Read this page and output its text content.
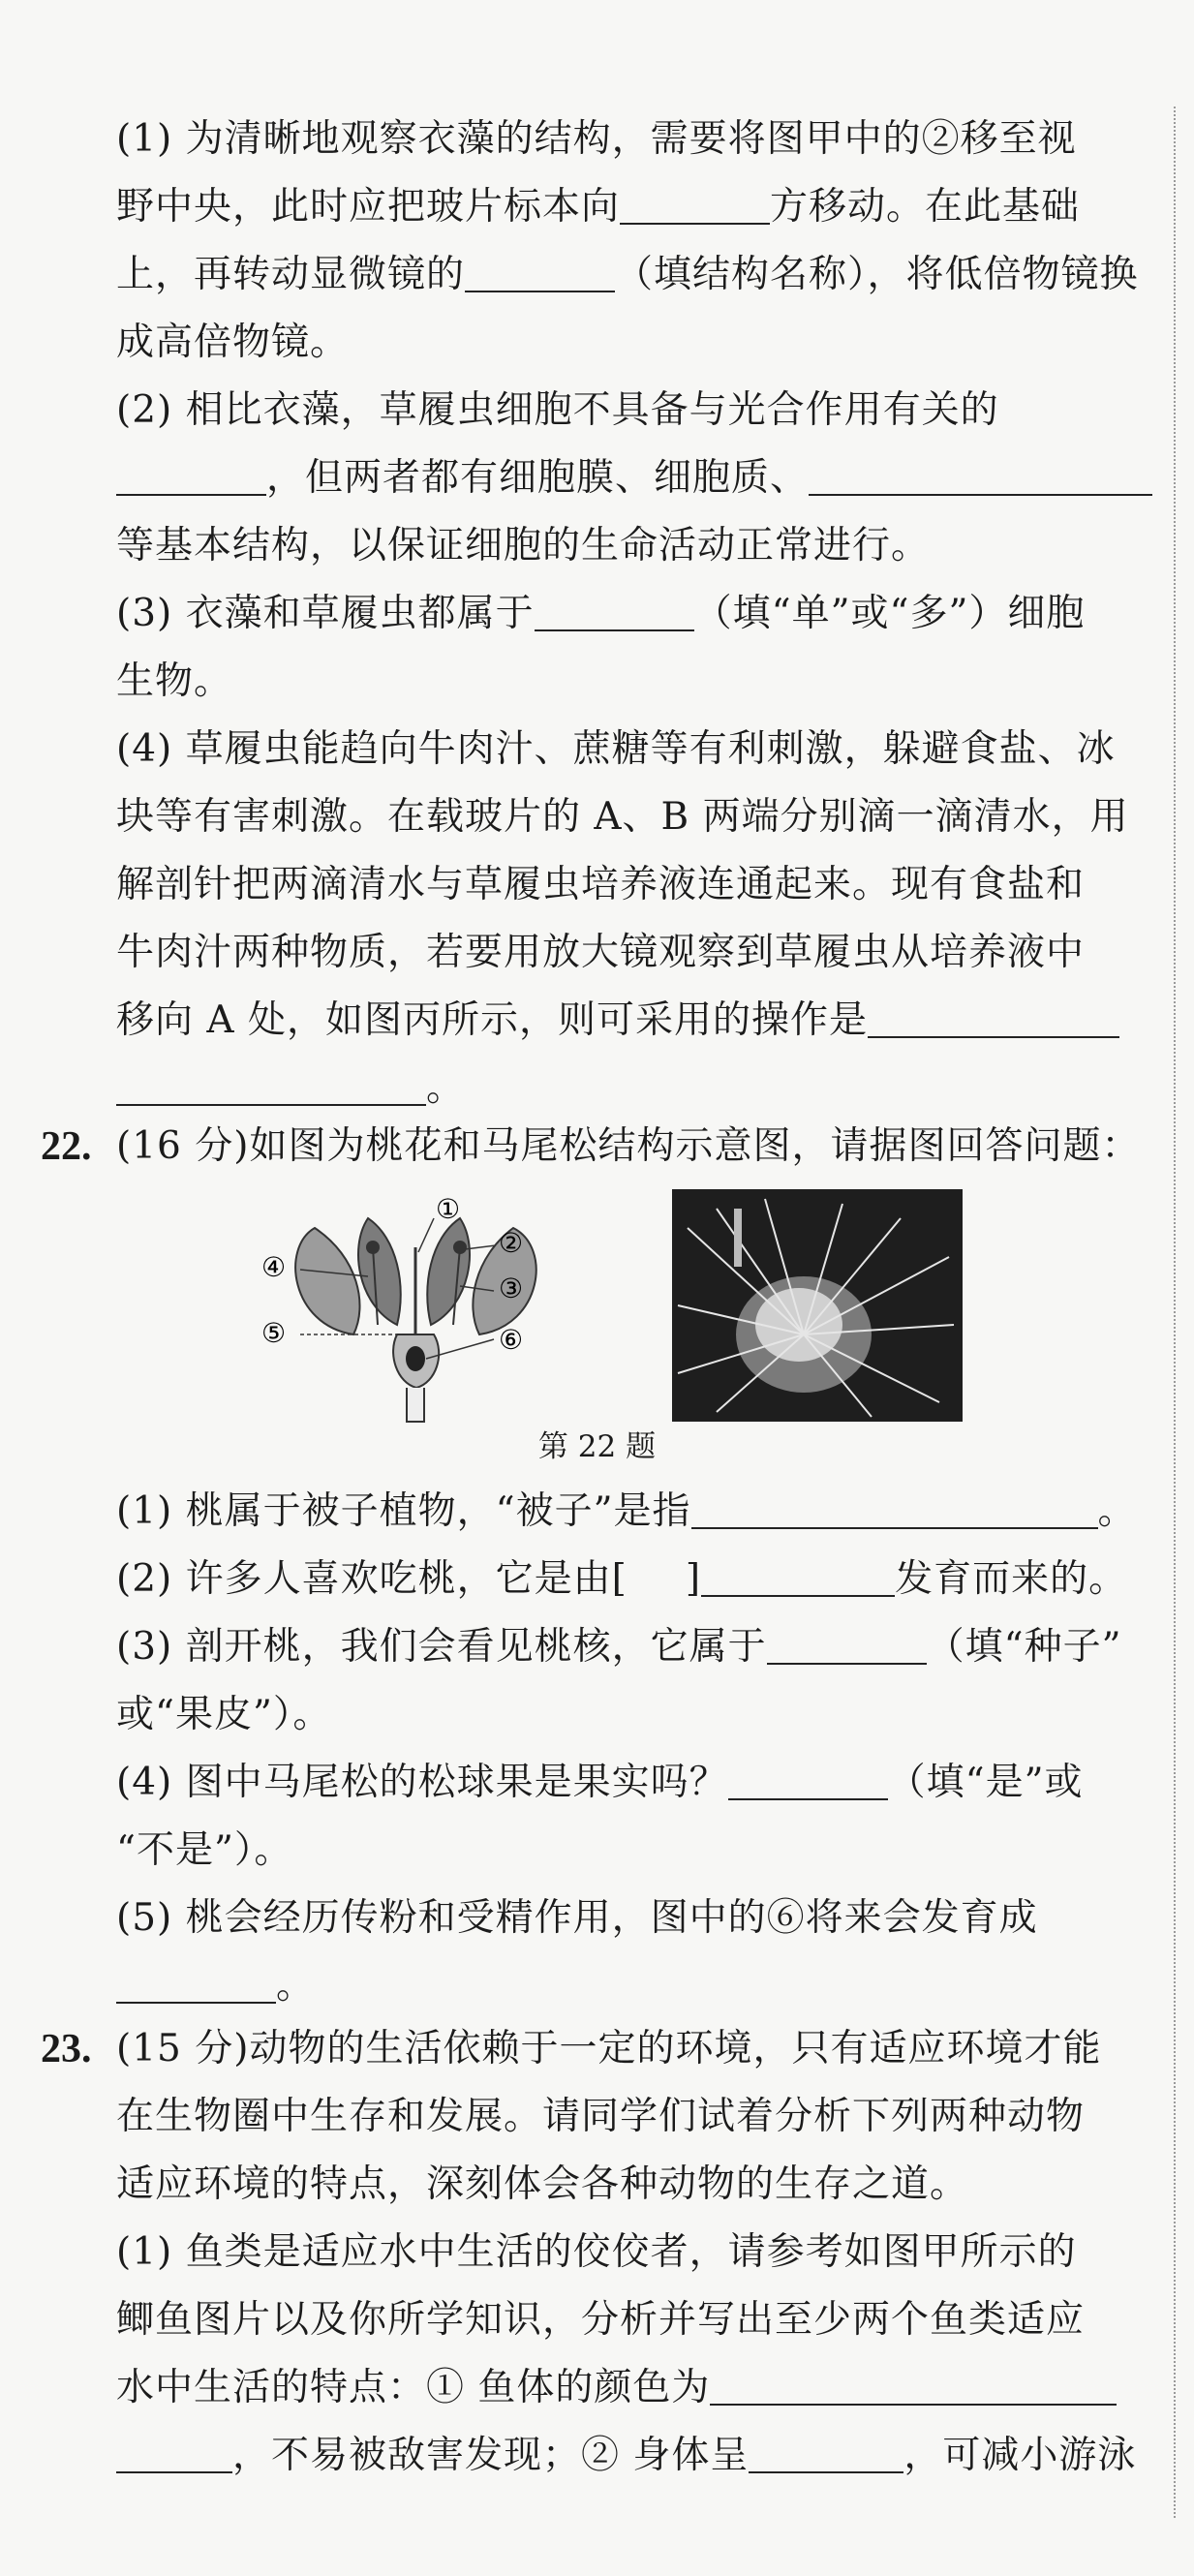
(1) 为清晰地观察衣藻的结构，需要将图甲中的②移至视
野中央，此时应把玻片标本向	方移动。在此基础
上，再转动显微镜的	（填结构名称），将低倍物镜换
成高倍物镜。
(2) 相比衣藻，草履虫细胞不具备与光合作用有关的
，但两者都有细胞膜、细胞质、
等基本结构，以保证细胞的生命活动正常进行。
(3) 衣藻和草履虫都属于	（填“单”或“多”）细胞
生物。
(4) 草履虫能趋向牛肉汁、蔗糖等有利刺激，躲避食盐、冰
块等有害刺激。在载玻片的 A、B 两端分别滴一滴清水，用
解剖针把两滴清水与草履虫培养液连通起来。现有食盐和
牛肉汁两种物质，若要用放大镜观察到草履虫从培养液中
移向 A 处，如图丙所示，则可采用的操作是
。
22. (16 分)如图为桃花和马尾松结构示意图，请据图回答问题：
①
②
③
④
⑤	⑥
第 22 题
(1) 桃属于被子植物，“被子”是指	。
(2) 许多人喜欢吃桃，它是由[ ]	发育而来的。
(3) 剖开桃，我们会看见桃核，它属于	（填“种子”
或“果皮”）。
(4) 图中马尾松的松球果是果实吗？	（填“是”或
“不是”）。
(5) 桃会经历传粉和受精作用，图中的⑥将来会发育成
。
23. (15 分)动物的生活依赖于一定的环境，只有适应环境才能
在生物圈中生存和发展。请同学们试着分析下列两种动物
适应环境的特点，深刻体会各种动物的生存之道。
(1) 鱼类是适应水中生活的佼佼者，请参考如图甲所示的
鲫鱼图片以及你所学知识，分析并写出至少两个鱼类适应
水中生活的特点：① 鱼体的颜色为
，不易被敌害发现；② 身体呈	，可减小游泳
